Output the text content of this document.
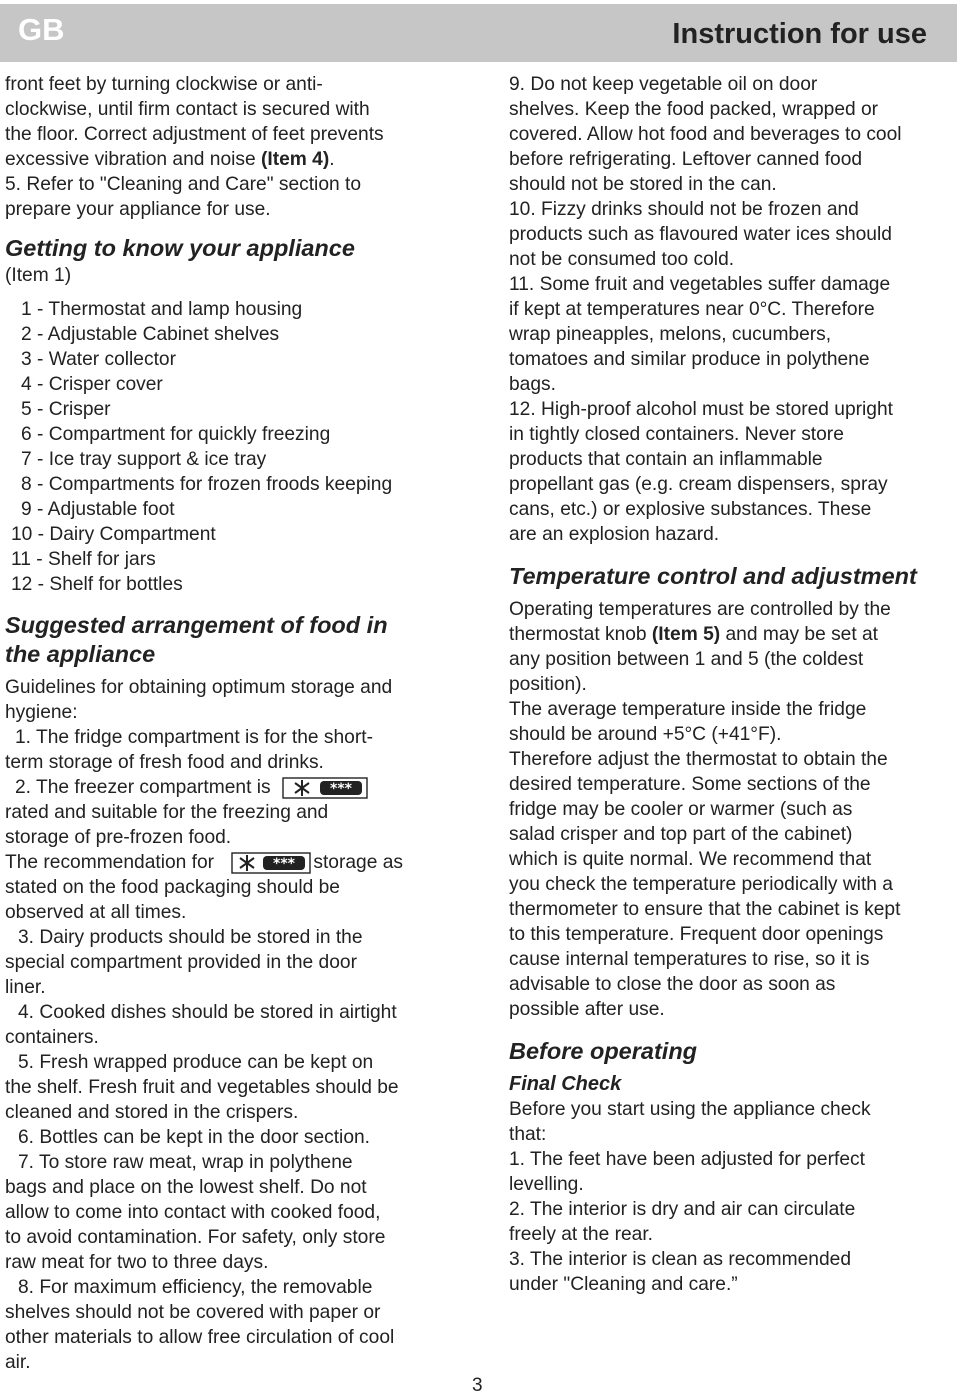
GB	Instruction for use

front feet by turning clockwise or anti-

clockwise, until firm contact is secured with

the floor. Correct adjustment of feet prevents

excessive vibration and noise (Item 4).

5. Refer to "Cleaning and Care" section to

prepare your appliance for use.

Getting to know your appliance

(Item 1)

1 - Thermostat and lamp housing

2 - Adjustable Cabinet shelves

3 - Water collector

4 - Crisper cover

5 - Crisper

6 - Compartment for quickly freezing

7 - Ice tray support & ice tray

8 - Compartments for frozen froods keeping

9 - Adjustable foot

10 - Dairy Compartment

11 - Shelf for jars

12 - Shelf for bottles

Suggested arrangement of food in

the appliance

Guidelines for obtaining optimum storage and

hygiene:

1. The fridge compartment is for the short-

term storage of fresh food and drinks.

2. The freezer compartment is	***

rated and suitable for the freezing and

storage of pre-frozen food.

The recommendation for	*** storage as

stated on the food packaging should be

observed at all times.

3. Dairy products should be stored in the

special compartment provided in the door

liner.

4. Cooked dishes should be stored in airtight

containers.

5. Fresh wrapped produce can be kept on

the shelf. Fresh fruit and vegetables should be

cleaned and stored in the crispers.

6. Bottles can be kept in the door section.

7. To store raw meat, wrap in polythene

bags and place on the lowest shelf. Do not

allow to come into contact with cooked food,

to avoid contamination. For safety, only store

raw meat for two to three days.

8. For maximum efficiency, the removable

shelves should not be covered with paper or

other materials to allow free circulation of cool

air.

9. Do not keep vegetable oil on door

shelves. Keep the food packed, wrapped or

covered. Allow hot food and beverages to cool

before refrigerating. Leftover canned food

should not be stored in the can.

10. Fizzy drinks should not be frozen and

products such as flavoured water ices should

not be consumed too cold.

11. Some fruit and vegetables suffer damage

if kept at temperatures near 0°C. Therefore

wrap pineapples, melons, cucumbers,

tomatoes and similar produce in polythene

bags.

12. High-proof alcohol must be stored upright

in tightly closed containers. Never store

products that contain an inflammable

propellant gas (e.g. cream dispensers, spray

cans, etc.) or explosive substances. These

are an explosion hazard.

Temperature control and adjustment

Operating temperatures are controlled by the

thermostat knob (Item 5) and may be set at

any position between 1 and 5 (the coldest

position).

The average temperature inside the fridge

should be around +5°C (+41°F).

Therefore adjust the thermostat to obtain the

desired temperature. Some sections of the

fridge may be cooler or warmer (such as

salad crisper and top part of the cabinet)

which is quite normal. We recommend that

you check the temperature periodically with a

thermometer to ensure that the cabinet is kept

to this temperature. Frequent door openings

cause internal temperatures to rise, so it is

advisable to close the door as soon as

possible after use.

Before operating

Final Check

Before you start using the appliance check

that:

1. The feet have been adjusted for perfect

levelling.

2. The interior is dry and air can circulate

freely at the rear.

3. The interior is clean as recommended

under "Cleaning and care.”

3
